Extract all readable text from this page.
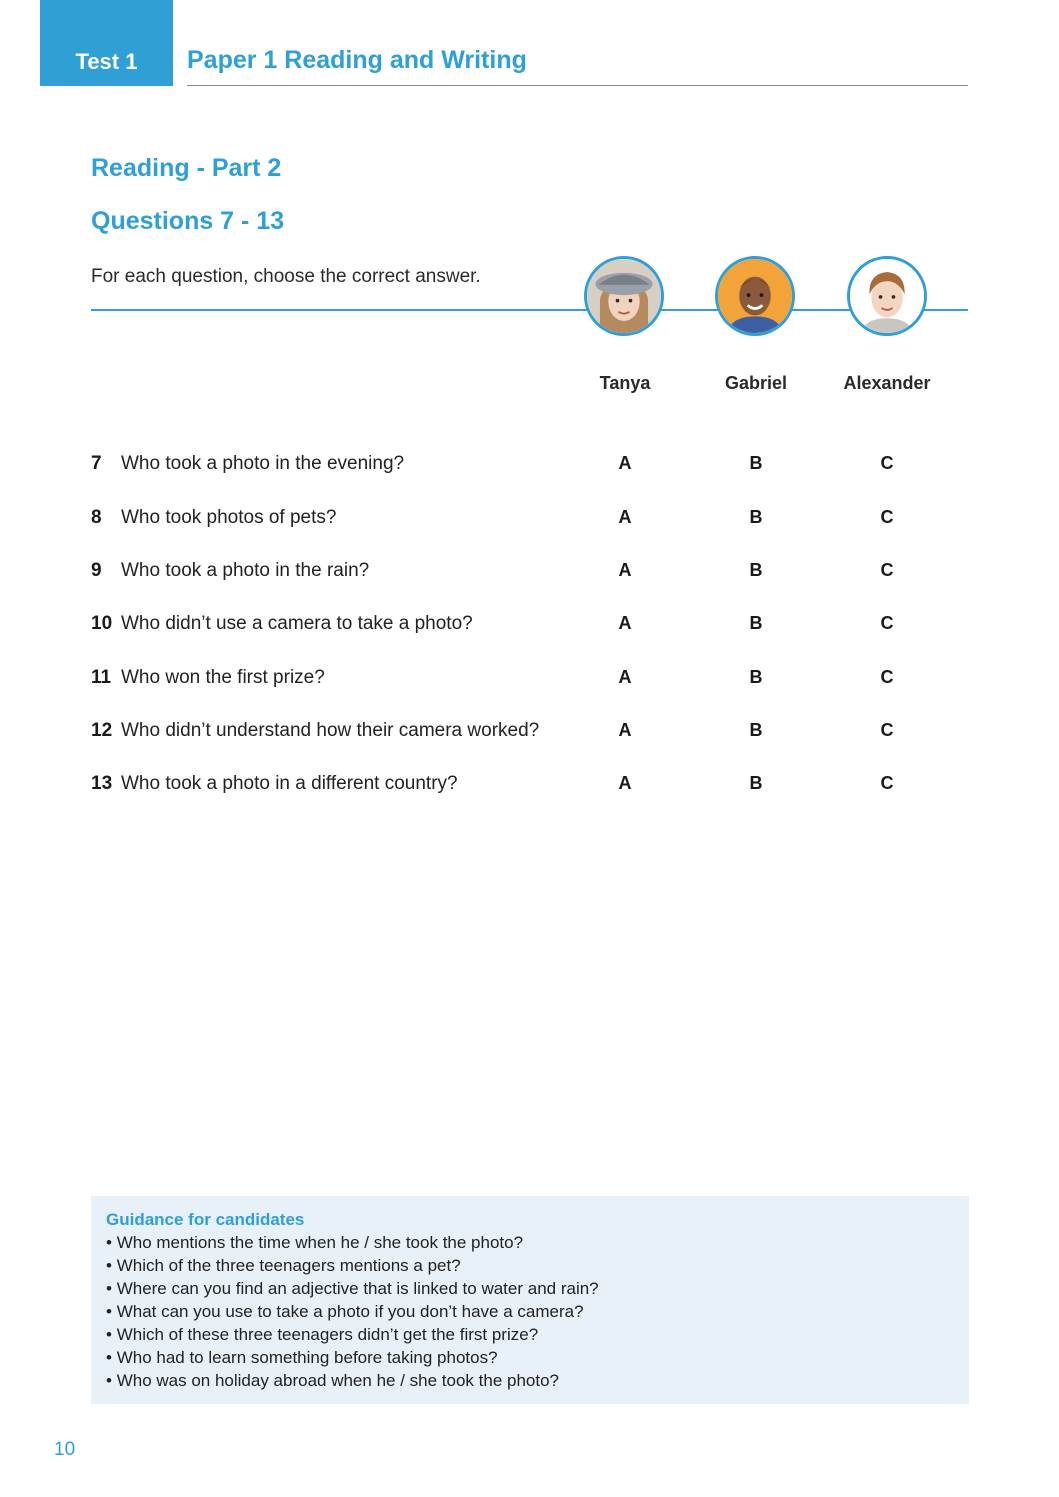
Test 1 Paper 1 Reading and Writing
Reading - Part 2
Questions 7 - 13
For each question, choose the correct answer.
Tanya	Gabriel	Alexander
7 Who took a photo in the evening?	A	B	C
8 Who took photos of pets?	A	B	C
9 Who took a photo in the rain?	A	B	C
10 Who didn’t use a camera to take a photo?	A	B	C
11 Who won the first prize?	A	B	C
12 Who didn’t understand how their camera worked?	A	B	C
13 Who took a photo in a different country?	A	B	C
Guidance for candidates
• Who mentions the time when he / she took the photo?
• Which of the three teenagers mentions a pet?
• Where can you find an adjective that is linked to water and rain?
• What can you use to take a photo if you don’t have a camera?
• Which of these three teenagers didn’t get the first prize?
• Who had to learn something before taking photos?
• Who was on holiday abroad when he / she took the photo?
10
